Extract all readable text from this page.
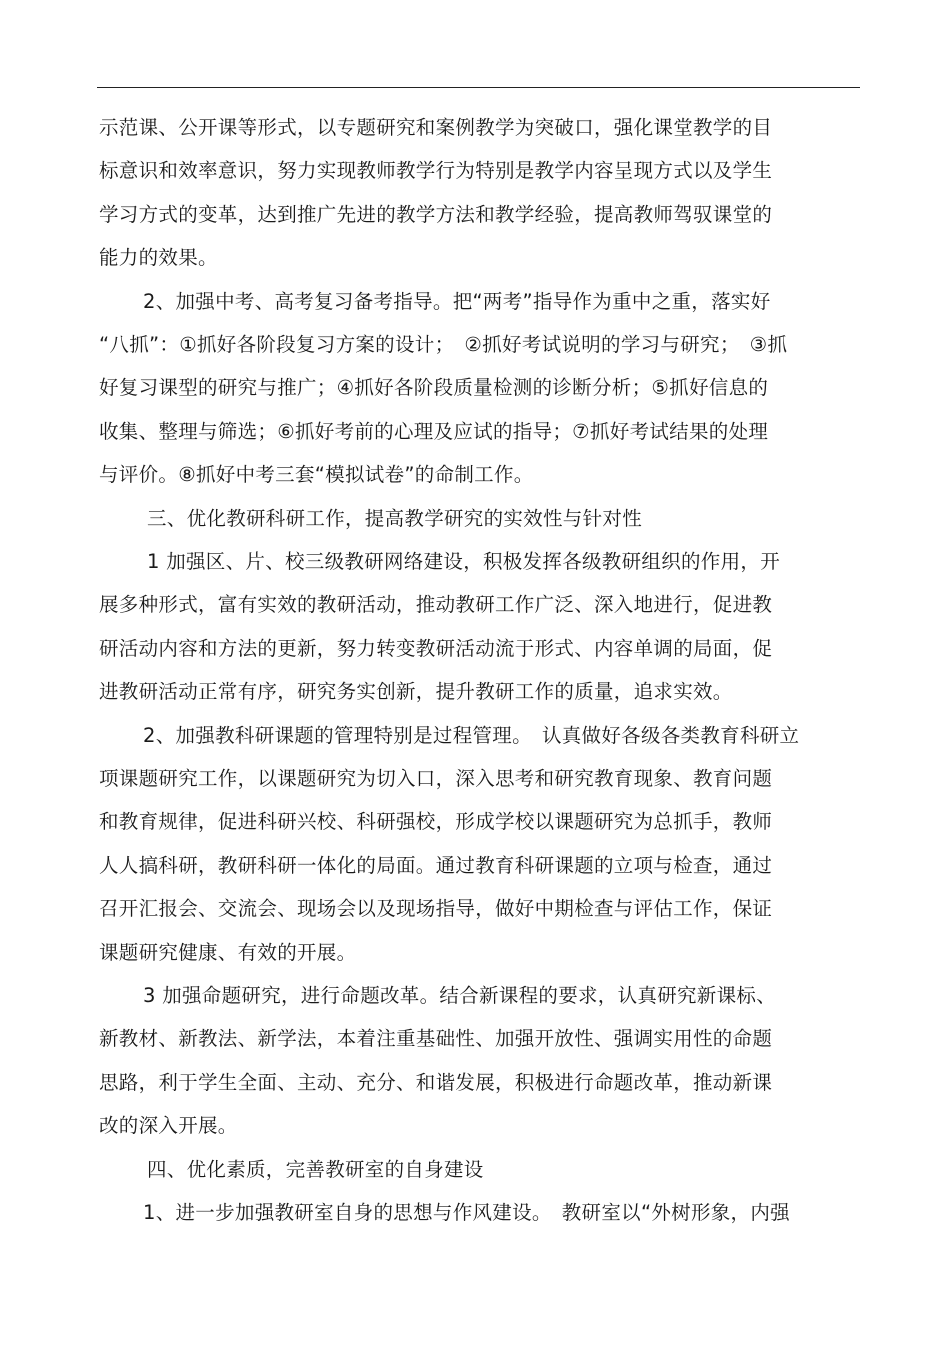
示范课、公开课等形式，以专题研究和案例教学为突破口，强化课堂教学的目
标意识和效率意识，努力实现教师教学行为特别是教学内容呈现方式以及学生
学习方式的变革，达到推广先进的教学方法和教学经验，提高教师驾驭课堂的
能力的效果。
2、加强中考、高考复习备考指导。把“两考”指导作为重中之重，落实好
“八抓”：①抓好各阶段复习方案的设计；　②抓好考试说明的学习与研究；　③抓
好复习课型的研究与推广；④抓好各阶段质量检测的诊断分析；⑤抓好信息的
收集、整理与筛选；⑥抓好考前的心理及应试的指导；⑦抓好考试结果的处理
与评价。⑧抓好中考三套“模拟试卷”的命制工作。
三、优化教研科研工作，提高教学研究的实效性与针对性
1 加强区、片、校三级教研网络建设，积极发挥各级教研组织的作用，开
展多种形式，富有实效的教研活动，推动教研工作广泛、深入地进行，促进教
研活动内容和方法的更新，努力转变教研活动流于形式、内容单调的局面，促
进教研活动正常有序，研究务实创新，提升教研工作的质量，追求实效。
2、加强教科研课题的管理特别是过程管理。　认真做好各级各类教育科研立
项课题研究工作，以课题研究为切入口，深入思考和研究教育现象、教育问题
和教育规律，促进科研兴校、科研强校，形成学校以课题研究为总抓手，教师
人人搞科研，教研科研一体化的局面。通过教育科研课题的立项与检查，通过
召开汇报会、交流会、现场会以及现场指导，做好中期检查与评估工作，保证
课题研究健康、有效的开展。
3 加强命题研究，进行命题改革。结合新课程的要求，认真研究新课标、
新教材、新教法、新学法，本着注重基础性、加强开放性、强调实用性的命题
思路，利于学生全面、主动、充分、和谐发展，积极进行命题改革，推动新课
改的深入开展。
四、优化素质，完善教研室的自身建设
1、进一步加强教研室自身的思想与作风建设。　教研室以“外树形象，内强
